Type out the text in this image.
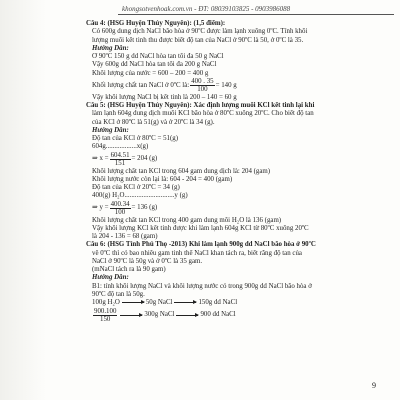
khongsotvenhoak.com.vn - ĐT: 08039103825 - 0903986088
Câu 4: (HSG Huyện Thủy Nguyên): (1,5 điểm):
Có 600g dung dịch NaCl bão hòa ở 90ºC được làm lạnh xuống 0ºC. Tính khối
lượng muối kết tinh thu được biết độ tan của NaCl ở 90ºC là 50, ở 0ºC là 35.
Hướng Dẫn:
Ở 90ºC 150 g dd NaCl hòa tan tối đa 50 g NaCl
Vậy 600g dd NaCl hòa tan tối đa 200 g NaCl
Khối lượng của nước = 600 – 200 = 400 g
Khối lượng chất tan NaCl ở 0ºC là: $\frac{400 . 35}{100} = 140$ g
Vậy khối lượng NaCl bị kết tinh là 200 – 140 = 60 g
Câu 5: (HSG Huyện Thủy Nguyên): Xác định lượng muối KCl kết tinh lại khi
làm lạnh 604g dung dịch muối KCl bão hòa ở 80ºC xuống 20ºC. Cho biết độ tan
của KCl ở 80ºC là 51(g) và ở 20ºC là 34 (g).
Hướng Dẫn:
Độ tan của KCl ở 80ºC = 51(g)
604g..................x(g)
⇒ $x = \frac{604.51}{151} = 204$ (g)
Khối lượng chất tan KCl trong 604 gam dung dịch là: 204 (gam)
Khối lượng nước còn lại là: 604 - 204 = 400 (gam)
Độ tan của KCl ở 20ºC = 34 (g)
400(g) H₂O.............................y (g)
⇒ $y = \frac{400.34}{100} = 136$ (g)
Khối lượng chất tan KCl trong 400 gam dung môi H₂O là 136 (gam)
Vậy khối lượng KCl kết tinh được khi làm lạnh 604g KCl từ 80ºC xuống 20ºC
là 204 - 136 = 68 (gam)
Câu 6: (HSG Tỉnh Phú Thọ -2013) Khi làm lạnh 900g dd NaCl bão hòa ở 90ºC
về 0ºC thì có bao nhiêu gam tinh thể NaCl khan tách ra, biết rằng độ tan của
NaCl ở 90ºC là 50g và ở 0ºC là 35 gam.
(mNaCl tách ra là 90 gam)
Hướng Dẫn:
B1: tính khối lượng NaCl và khối lượng nước có trong 900g dd NaCl bão hòa ở
90ºC độ tan là 50g.
100g H₂O	50g NaCl	150g dd NaCl
$\frac{900.100}{150}$	300g NaCl	900 dd NaCl
9
